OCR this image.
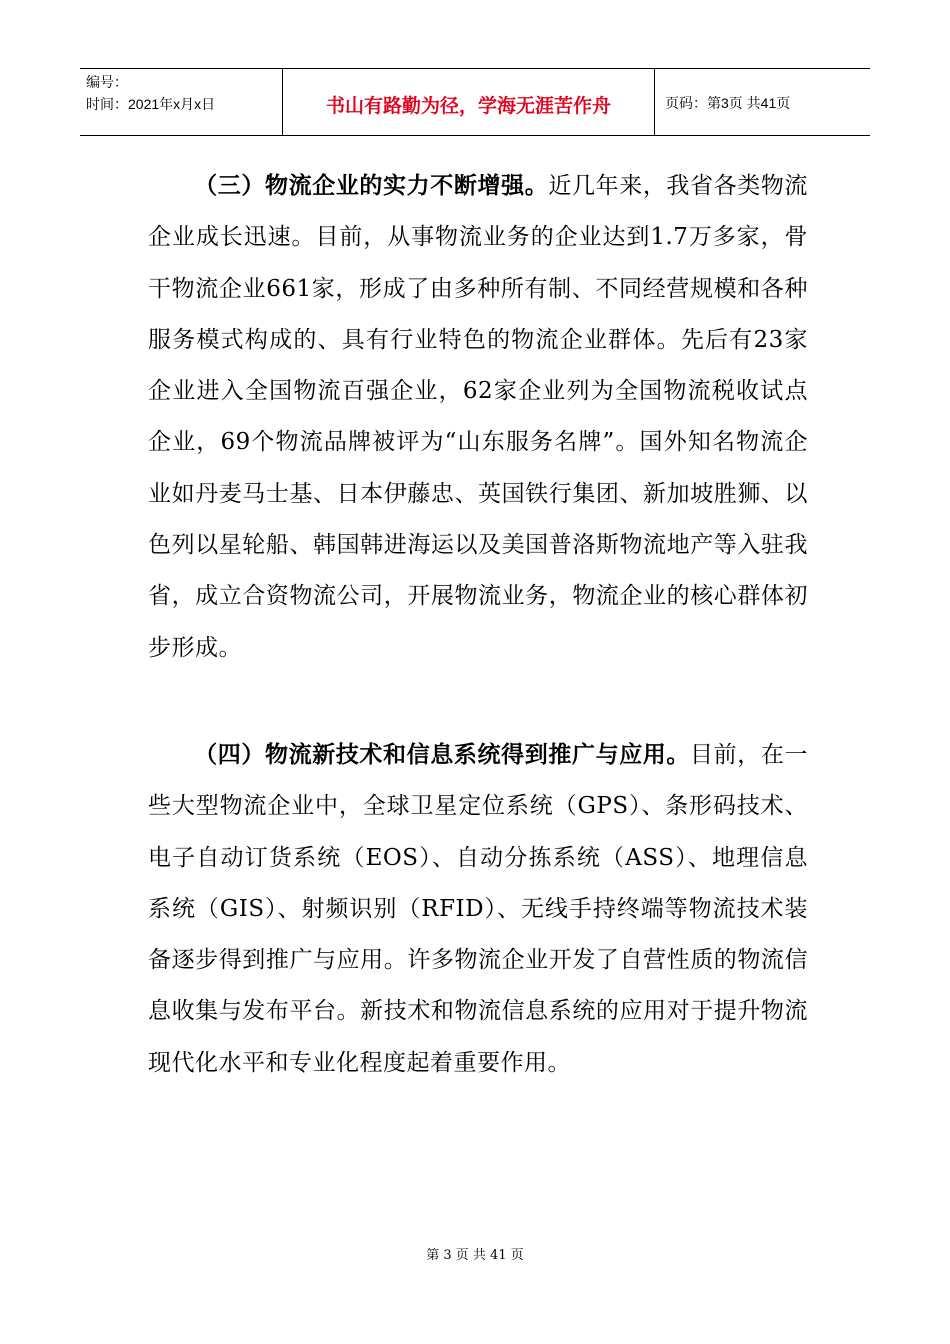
编号：
时间：2021年x月x日	书山有路勤为径，学海无涯苦作舟	页码：第3页 共41页
（三）物流企业的实力不断增强。近几年来，我省各类物流企业成长迅速。目前，从事物流业务的企业达到1.7万多家，骨干物流企业661家，形成了由多种所有制、不同经营规模和各种服务模式构成的、具有行业特色的物流企业群体。先后有23家企业进入全国物流百强企业，62家企业列为全国物流税收试点企业，69个物流品牌被评为“山东服务名牌”。国外知名物流企业如丹麦马士基、日本伊藤忠、英国铁行集团、新加坡胜狮、以色列以星轮船、韩国韩进海运以及美国普洛斯物流地产等入驻我省，成立合资物流公司，开展物流业务，物流企业的核心群体初步形成。
（四）物流新技术和信息系统得到推广与应用。目前，在一些大型物流企业中，全球卫星定位系统（GPS）、条形码技术、电子自动订货系统（EOS）、自动分拣系统（ASS）、地理信息系统（GIS）、射频识别（RFID）、无线手持终端等物流技术装备逐步得到推广与应用。许多物流企业开发了自营性质的物流信息收集与发布平台。新技术和物流信息系统的应用对于提升物流现代化水平和专业化程度起着重要作用。
第 3 页 共 41 页
